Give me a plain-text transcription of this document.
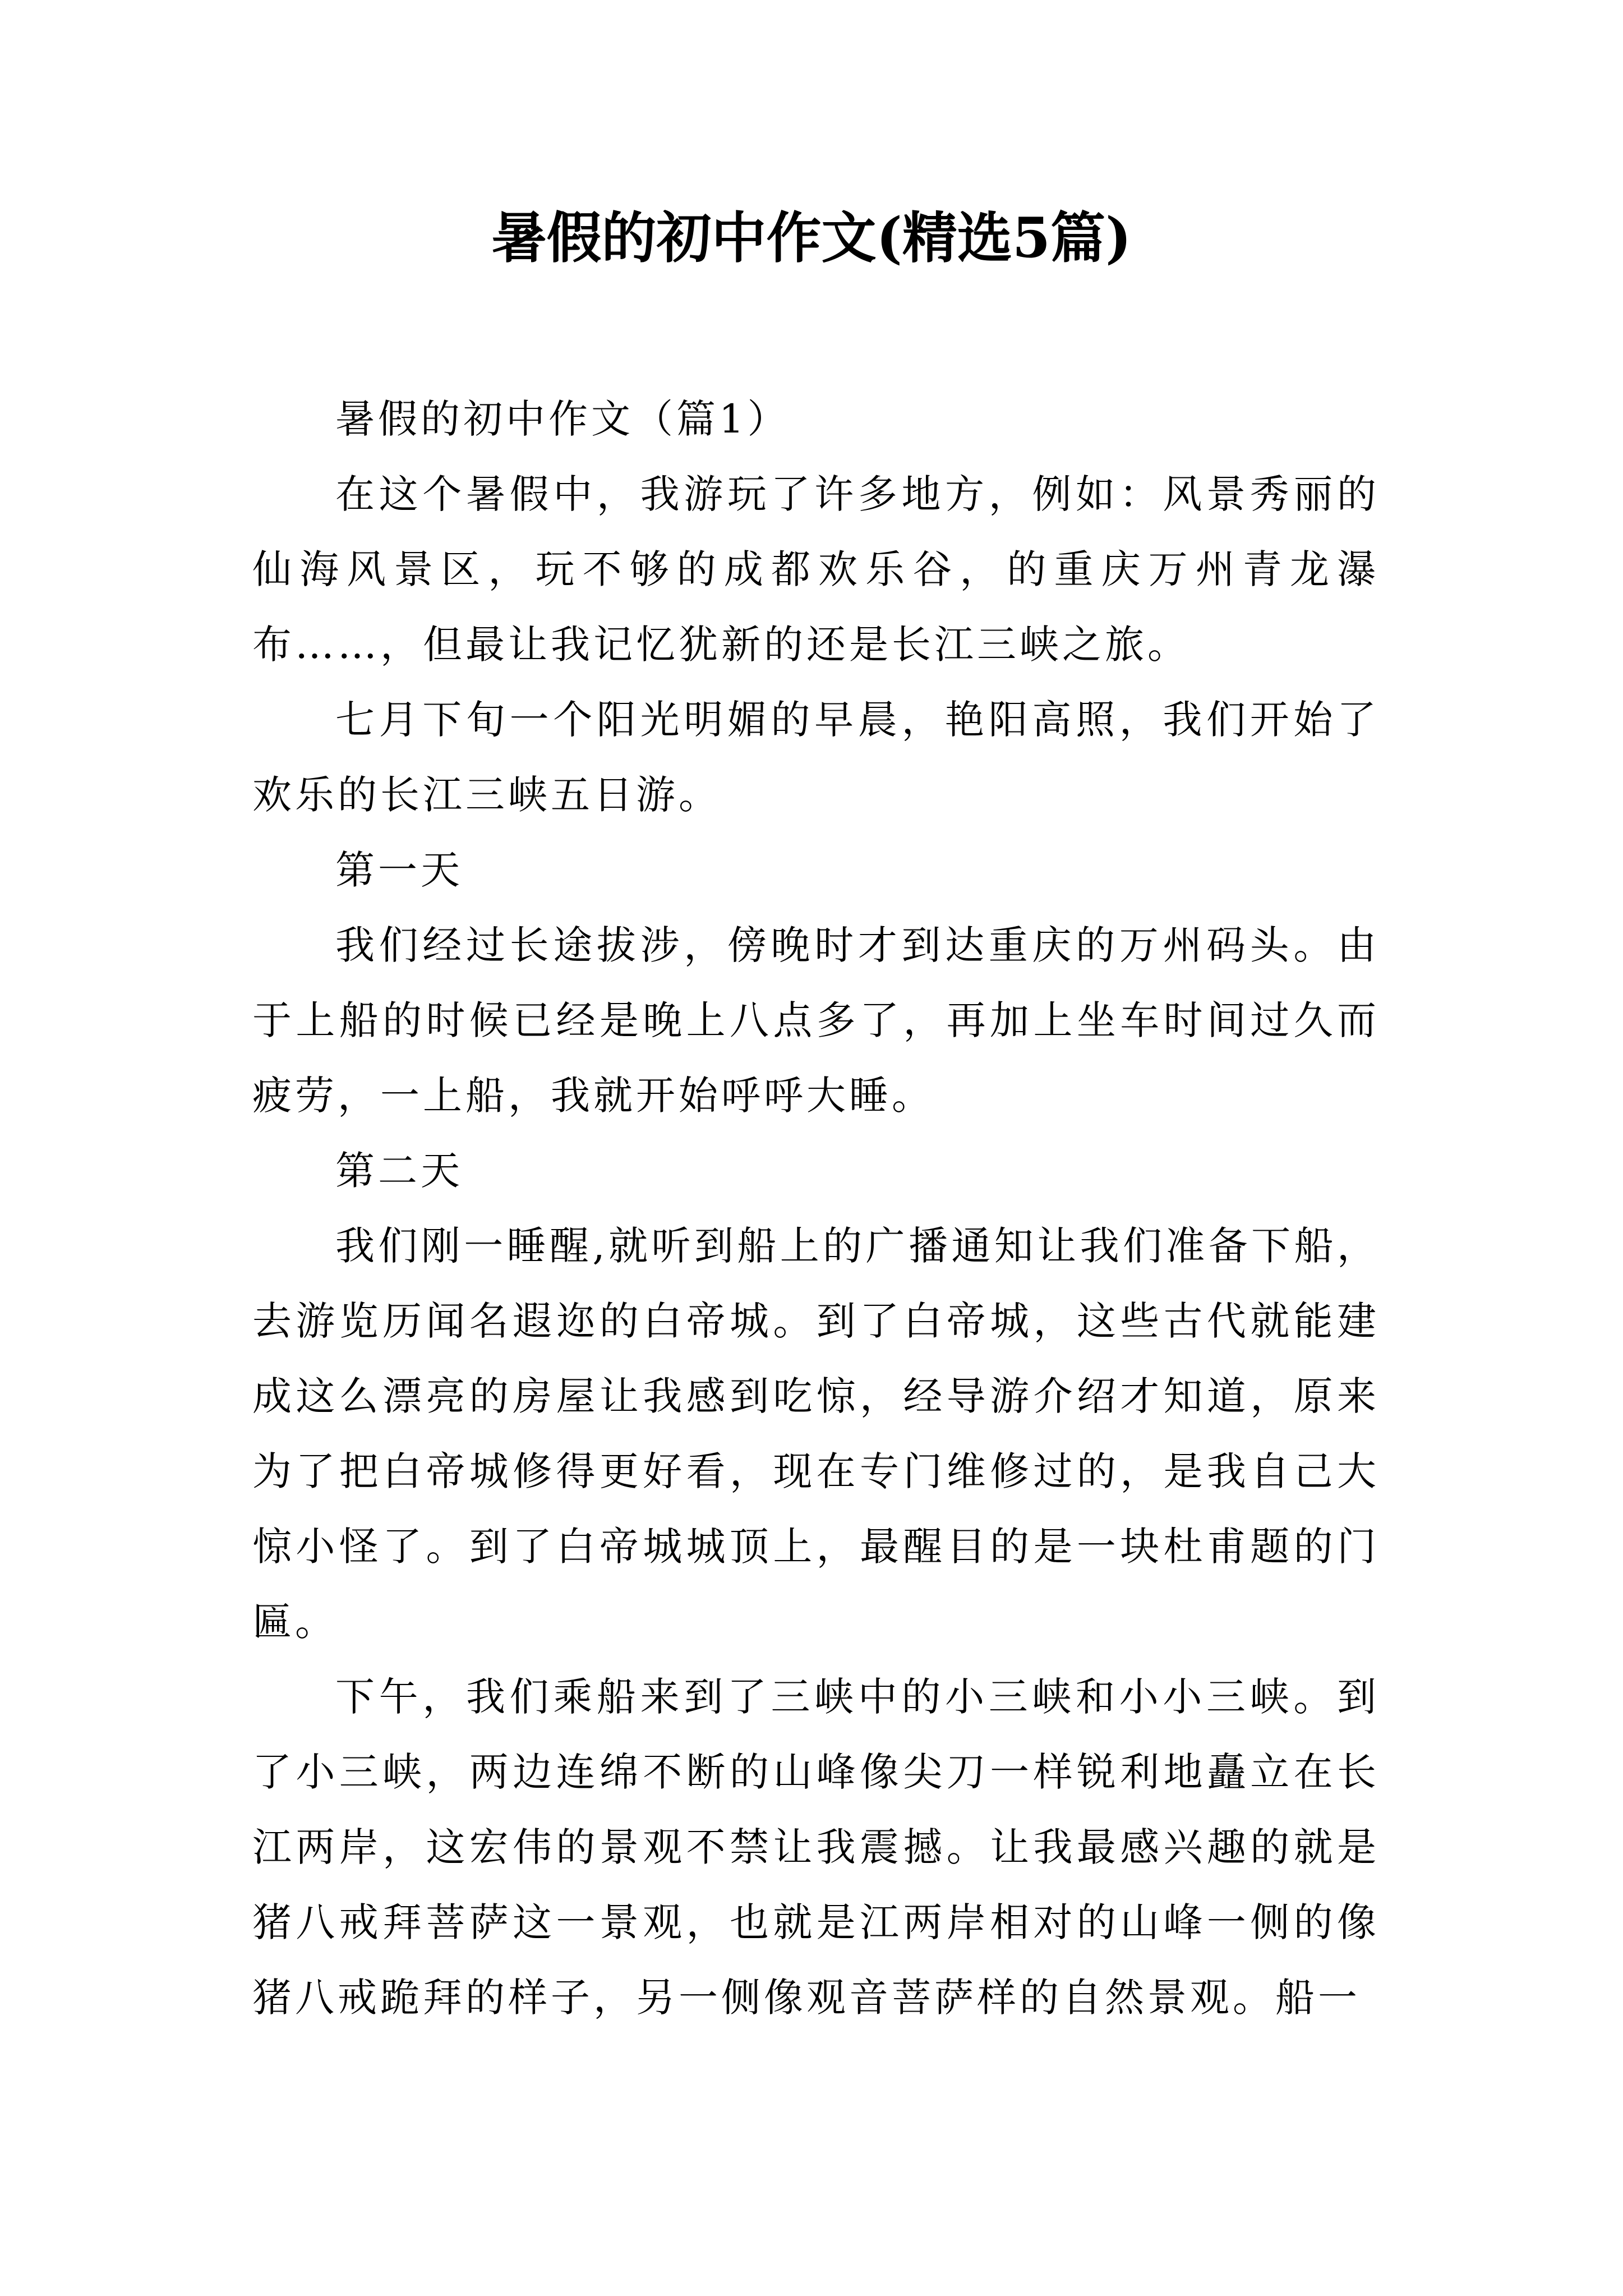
暑假的初中作文(精选5篇)

暑假的初中作文（篇1）

在这个暑假中，我游玩了许多地方，例如：风景秀丽的仙海风景区，玩不够的成都欢乐谷，的重庆万州青龙瀑布……，但最让我记忆犹新的还是长江三峡之旅。

七月下旬一个阳光明媚的早晨，艳阳高照，我们开始了欢乐的长江三峡五日游。

第一天

我们经过长途拔涉，傍晚时才到达重庆的万州码头。由于上船的时候已经是晚上八点多了，再加上坐车时间过久而疲劳，一上船，我就开始呼呼大睡。

第二天

我们刚一睡醒,就听到船上的广播通知让我们准备下船，去游览历闻名遐迩的白帝城。到了白帝城，这些古代就能建成这么漂亮的房屋让我感到吃惊，经导游介绍才知道，原来为了把白帝城修得更好看，现在专门维修过的，是我自己大惊小怪了。到了白帝城城顶上，最醒目的是一块杜甫题的门匾。

下午，我们乘船来到了三峡中的小三峡和小小三峡。到了小三峡，两边连绵不断的山峰像尖刀一样锐利地矗立在长江两岸，这宏伟的景观不禁让我震撼。让我最感兴趣的就是猪八戒拜菩萨这一景观，也就是江两岸相对的山峰一侧的像猪八戒跪拜的样子，另一侧像观音菩萨样的自然景观。船一
